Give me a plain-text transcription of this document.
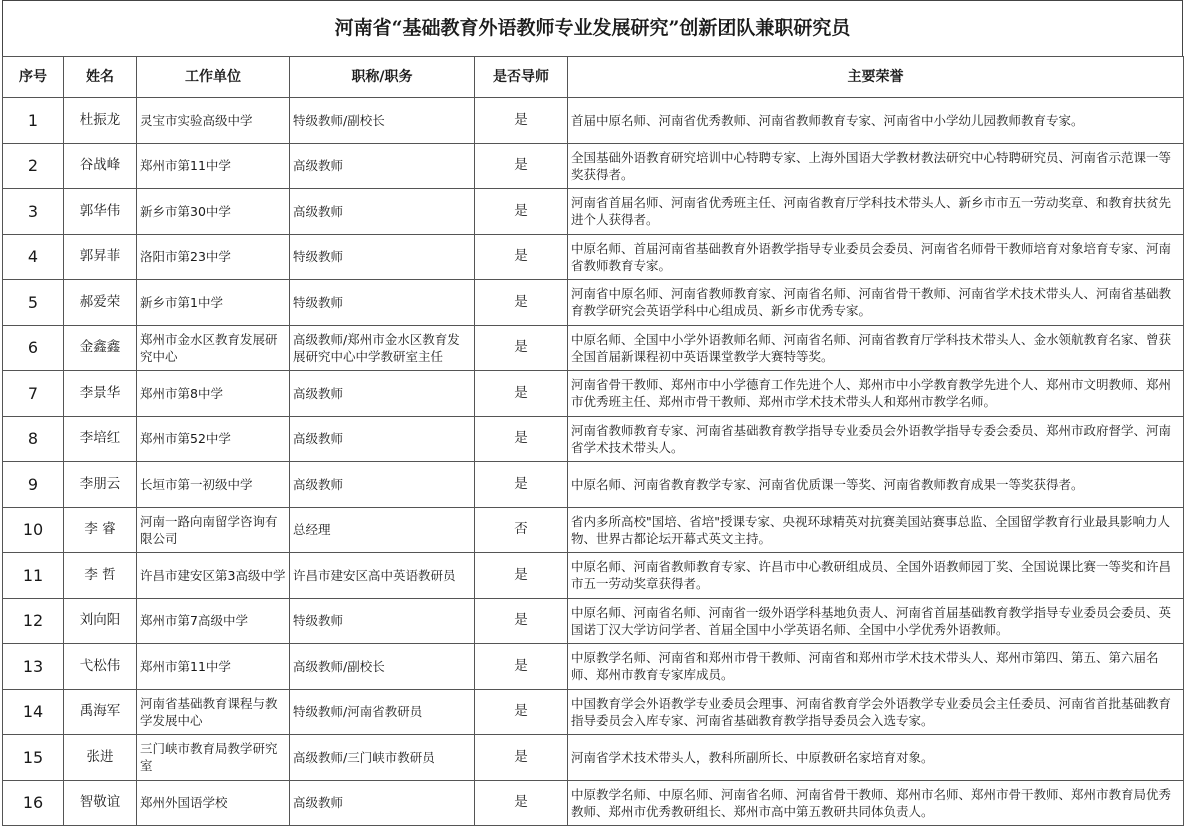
河南省“基础教育外语教师专业发展研究”创新团队兼职研究员
序号	姓名	工作单位	职称/职务	是否导师	主要荣誉
1	杜振龙	灵宝市实验高级中学	特级教师/副校长	是	首届中原名师、河南省优秀教师、河南省教师教育专家、河南省中小学幼儿园教师教育专家。
2	谷战峰	郑州市第11中学	高级教师	是	全国基础外语教育研究培训中心特聘专家、上海外国语大学教材教法研究中心特聘研究员、河南省示范课一等奖获得者。
3	郭华伟	新乡市第30中学	高级教师	是	河南省首届名师、河南省优秀班主任、河南省教育厅学科技术带头人、新乡市市五一劳动奖章、和教育扶贫先进个人获得者。
4	郭昇菲	洛阳市第23中学	特级教师	是	中原名师、首届河南省基础教育外语教学指导专业委员会委员、河南省名师骨干教师培育对象培育专家、河南省教师教育专家。
5	郝爱荣	新乡市第1中学	特级教师	是	河南省中原名师、河南省教师教育家、河南省名师、河南省骨干教师、河南省学术技术带头人、河南省基础教育教学研究会英语学科中心组成员、新乡市优秀专家。
6	金鑫鑫	郑州市金水区教育发展研究中心	高级教师/郑州市金水区教育发展研究中心中学教研室主任	是	中原名师、全国中小学外语教师名师、河南省名师、河南省教育厅学科技术带头人、金水领航教育名家、曾获全国首届新课程初中英语课堂教学大赛特等奖。
7	李景华	郑州市第8中学	高级教师	是	河南省骨干教师、郑州市中小学德育工作先进个人、郑州市中小学教育教学先进个人、郑州市文明教师、郑州市优秀班主任、郑州市骨干教师、郑州市学术技术带头人和郑州市教学名师。
8	李培红	郑州市第52中学	高级教师	是	河南省教师教育专家、河南省基础教育教学指导专业委员会外语教学指导专委会委员、郑州市政府督学、河南省学术技术带头人。
9	李朋云	长垣市第一初级中学	高级教师	是	中原名师、河南省教育教学专家、河南省优质课一等奖、河南省教师教育成果一等奖获得者。
10	李 睿	河南一路向南留学咨询有限公司	总经理	否	省内多所高校"国培、省培"授课专家、央视环球精英对抗赛美国站赛事总监、全国留学教育行业最具影响力人物、世界古都论坛开幕式英文主持。
11	李 哲	许昌市建安区第3高级中学	许昌市建安区高中英语教研员	是	中原名师、河南省教师教育专家、许昌市中心教研组成员、全国外语教师园丁奖、全国说课比赛一等奖和许昌市五一劳动奖章获得者。
12	刘向阳	郑州市第7高级中学	特级教师	是	中原名师、河南省名师、河南省一级外语学科基地负责人、河南省首届基础教育教学指导专业委员会委员、英国诺丁汉大学访问学者、首届全国中小学英语名师、全国中小学优秀外语教师。
13	弋松伟	郑州市第11中学	高级教师/副校长	是	中原教学名师、河南省和郑州市骨干教师、河南省和郑州市学术技术带头人、郑州市第四、第五、第六届名师、郑州市教育专家库成员。
14	禹海军	河南省基础教育课程与教学发展中心	特级教师/河南省教研员	是	中国教育学会外语教学专业委员会理事、河南省教育学会外语教学专业委员会主任委员、河南省首批基础教育指导委员会入库专家、河南省基础教育教学指导委员会入选专家。
15	张进	三门峡市教育局教学研究室	高级教师/三门峡市教研员	是	河南省学术技术带头人，教科所副所长、中原教研名家培育对象。
16	智敬谊	郑州外国语学校	高级教师	是	中原教学名师、中原名师、河南省名师、河南省骨干教师、郑州市名师、郑州市骨干教师、郑州市教育局优秀教师、郑州市优秀教研组长、郑州市高中第五教研共同体负责人。
